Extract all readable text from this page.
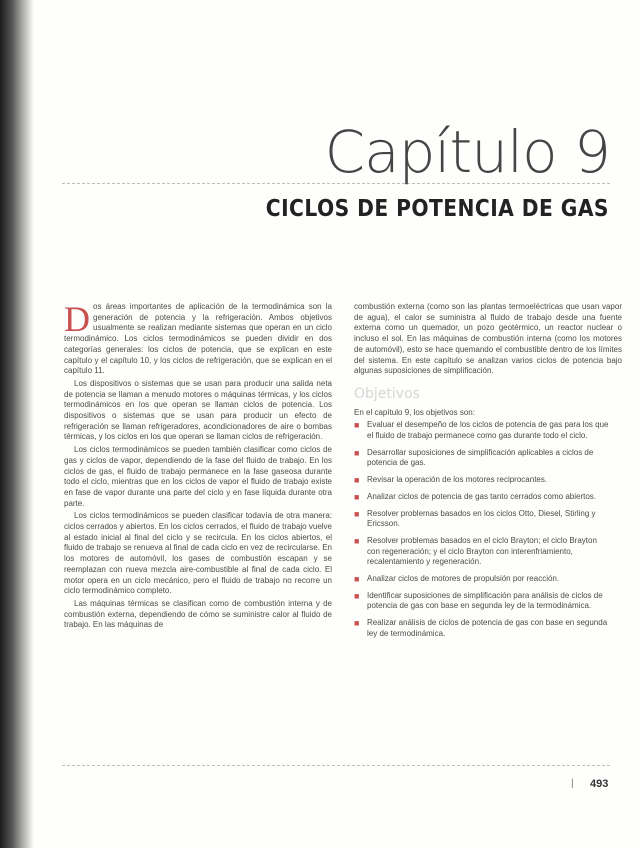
Capítulo 9
CICLOS DE POTENCIA DE GAS

Dos áreas importantes de aplicación de la termodinámica son la generación de potencia y la refrigeración. Ambos objetivos usualmente se realizan mediante sistemas que operan en un ciclo termodinámico. Los ciclos termodinámicos se pueden dividir en dos categorías generales: los ciclos de potencia, que se explican en este capítulo y el capítulo 10, y los ciclos de refrigeración, que se explican en el capítulo 11.

Los dispositivos o sistemas que se usan para producir una salida neta de potencia se llaman a menudo motores o máquinas térmicas, y los ciclos termodinámicos en los que operan se llaman ciclos de potencia. Los dispositivos o sistemas que se usan para producir un efecto de refrigeración se llaman refrigeradores, acondicionadores de aire o bombas térmicas, y los ciclos en los que operan se llaman ciclos de refrigeración.

Los ciclos termodinámicos se pueden también clasificar como ciclos de gas y ciclos de vapor, dependiendo de la fase del fluido de trabajo. En los ciclos de gas, el fluido de trabajo permanece en la fase gaseosa durante todo el ciclo, mientras que en los ciclos de vapor el fluido de trabajo existe en fase de vapor durante una parte del ciclo y en fase líquida durante otra parte.

Los ciclos termodinámicos se pueden clasificar todavía de otra manera: ciclos cerrados y abiertos. En los ciclos cerrados, el fluido de trabajo vuelve al estado inicial al final del ciclo y se recircula. En los ciclos abiertos, el fluido de trabajo se renueva al final de cada ciclo en vez de recircularse. En los motores de automóvil, los gases de combustión escapan y se reemplazan con nueva mezcla aire-combustible al final de cada ciclo. El motor opera en un ciclo mecánico, pero el fluido de trabajo no recorre un ciclo termodinámico completo.

Las máquinas térmicas se clasifican como de combustión interna y de combustión externa, dependiendo de cómo se suministre calor al fluido de trabajo. En las máquinas de

combustión externa (como son las plantas termoeléctricas que usan vapor de agua), el calor se suministra al fluido de trabajo desde una fuente externa como un quemador, un pozo geotérmico, un reactor nuclear o incluso el sol. En las máquinas de combustión interna (como los motores de automóvil), esto se hace quemando el combustible dentro de los límites del sistema. En este capítulo se analizan varios ciclos de potencia bajo algunas suposiciones de simplificación.

Objetivos

En el capítulo 9, los objetivos son:

■ Evaluar el desempeño de los ciclos de potencia de gas para los que el fluido de trabajo permanece como gas durante todo el ciclo.
■ Desarrollar suposiciones de simplificación aplicables a ciclos de potencia de gas.
■ Revisar la operación de los motores reciprocantes.
■ Analizar ciclos de potencia de gas tanto cerrados como abiertos.
■ Resolver problemas basados en los ciclos Otto, Diesel, Stirling y Ericsson.
■ Resolver problemas basados en el ciclo Brayton; el ciclo Brayton con regeneración; y el ciclo Brayton con interenfriamiento, recalentamiento y regeneración.
■ Analizar ciclos de motores de propulsión por reacción.
■ Identificar suposiciones de simplificación para análisis de ciclos de potencia de gas con base en segunda ley de la termodinámica.
■ Realizar análisis de ciclos de potencia de gas con base en segunda ley de termodinámica.
| 493
